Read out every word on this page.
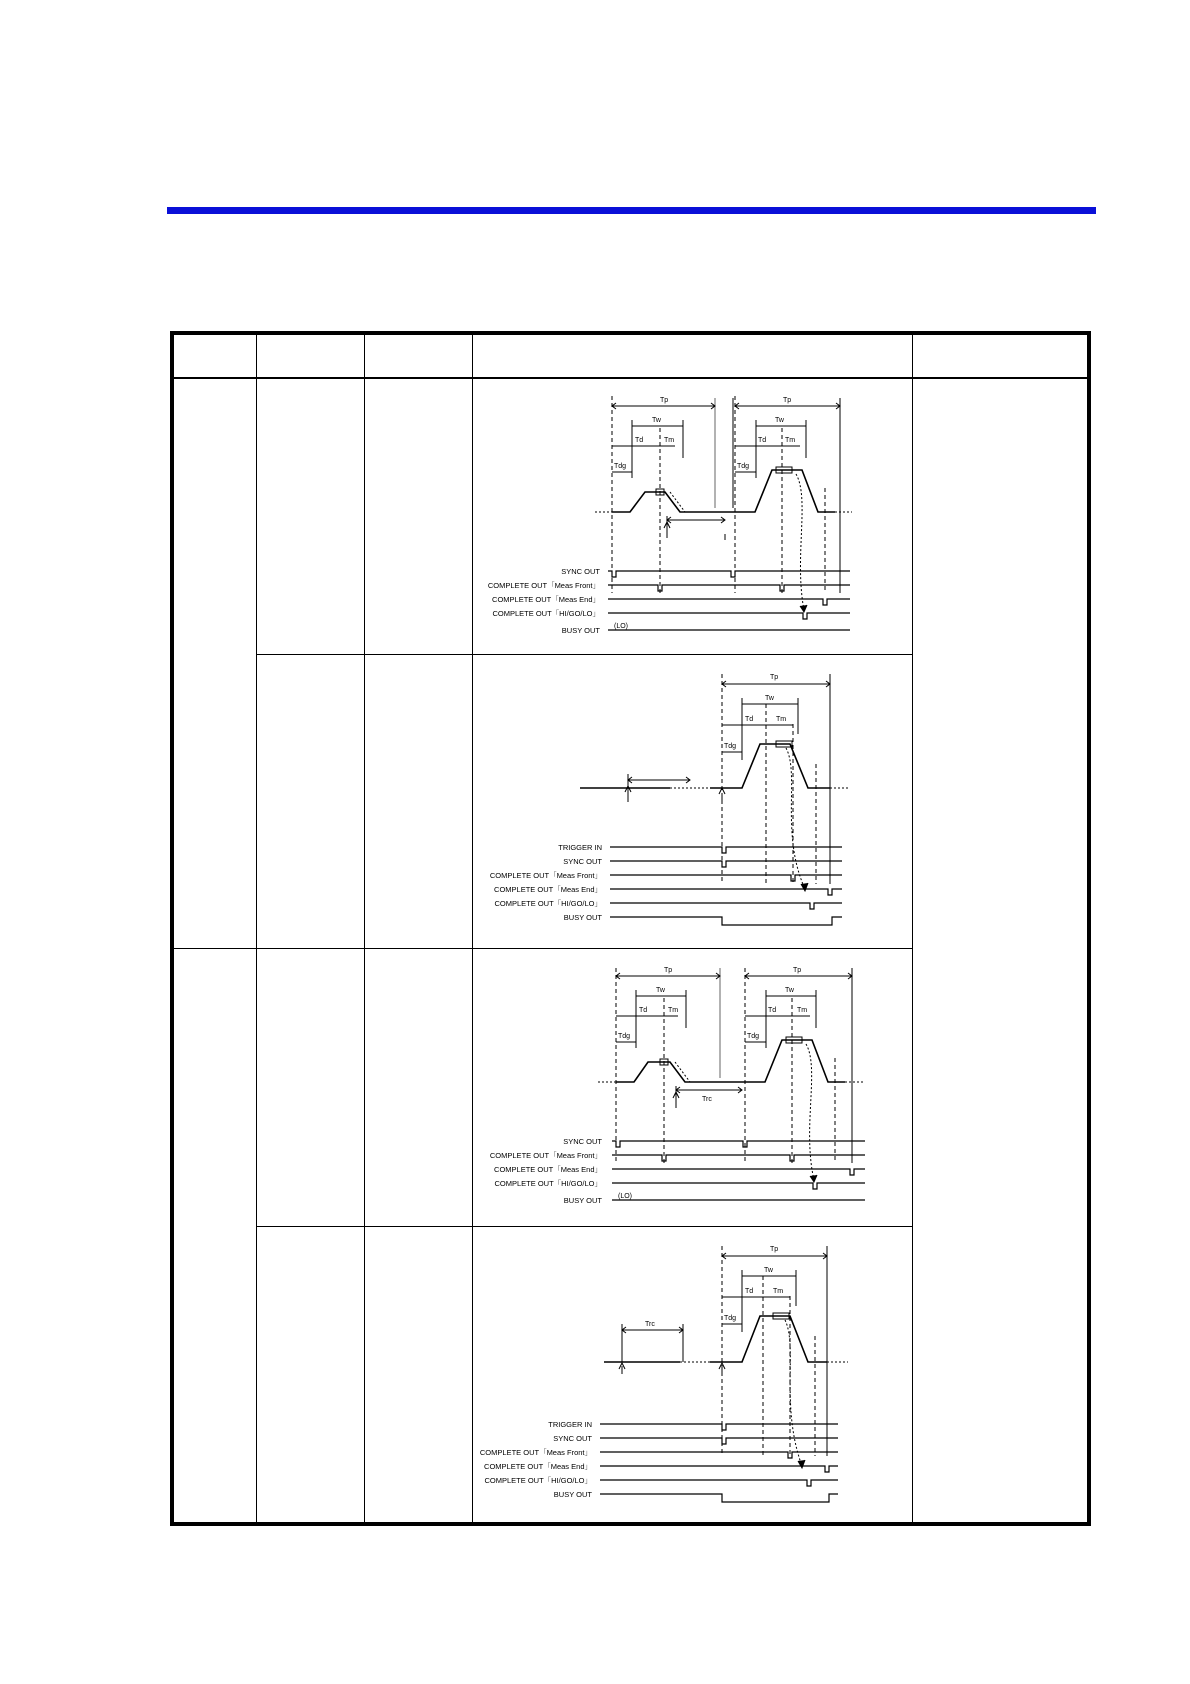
Tp	Tp
Tw	Tw
Td	Td
Tm	Tm
Tdg	Tdg
SYNC OUT
COMPLETE OUT「Meas Front」
COMPLETE OUT「Meas End」
COMPLETE OUT「HI/GO/LO」
BUSY OUT (LO)
Tp
Tw
Td	Tm
Tdg
TRIGGER IN
SYNC OUT
COMPLETE OUT「Meas Front」
COMPLETE OUT「Meas End」
COMPLETE OUT「HI/GO/LO」
BUSY OUT
Tp	Tp
Tw	Tw
Td	Td
Tm	Tm
Tdg	Tdg
Trc
SYNC OUT
COMPLETE OUT「Meas Front」
COMPLETE OUT「Meas End」
COMPLETE OUT「HI/GO/LO」
BUSY OUT (LO)
Tp
Tw
Td	Tm
Tdg
Trc
TRIGGER IN
SYNC OUT
COMPLETE OUT「Meas Front」
COMPLETE OUT「Meas End」
COMPLETE OUT「HI/GO/LO」
BUSY OUT
